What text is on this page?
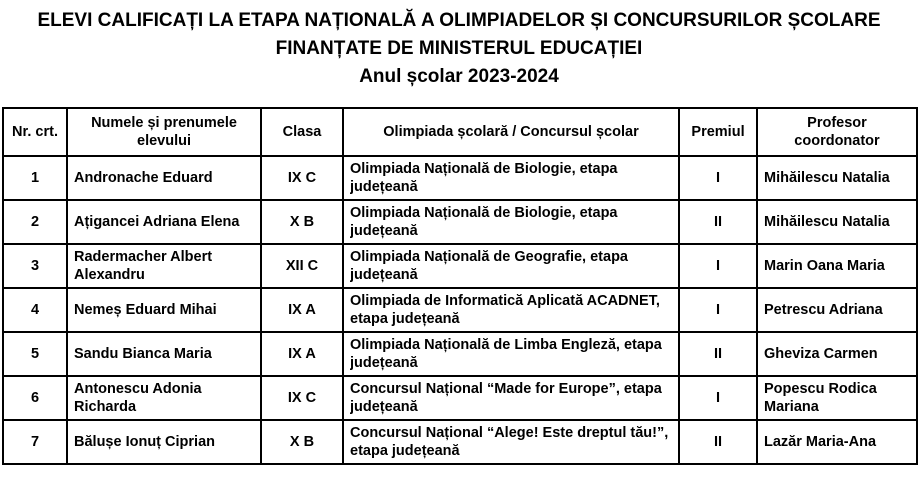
ELEVI CALIFICAȚI LA ETAPA NAȚIONALĂ A OLIMPIADELOR ȘI CONCURSURILOR ȘCOLARE
FINANȚATE DE MINISTERUL EDUCAȚIEI
Anul școlar 2023-2024
Nr. crt.	Numele și prenumele elevului	Clasa	Olimpiada școlară / Concursul școlar	Premiul	Profesor coordonator

1	Andronache Eduard	IX C	Olimpiada Națională de Biologie, etapa județeană	I	Mihăilescu Natalia

2	Ațigancei Adriana Elena	X B	Olimpiada Națională de Biologie, etapa județeană	II	Mihăilescu Natalia

3	Radermacher Albert Alexandru	XII C	Olimpiada Națională de Geografie, etapa județeană	I	Marin Oana Maria

4	Nemeș Eduard Mihai	IX A	Olimpiada de Informatică Aplicată ACADNET, etapa județeană	I	Petrescu Adriana

5	Sandu Bianca Maria	IX A	Olimpiada Națională de Limba Engleză, etapa județeană	II	Gheviza Carmen

6	Antonescu Adonia Richarda	IX C	Concursul Național “Made for Europe”, etapa județeană	I	Popescu Rodica Mariana

7	Bălușe Ionuț Ciprian	X B	Concursul Național “Alege! Este dreptul tău!”, etapa județeană	II	Lazăr Maria-Ana
